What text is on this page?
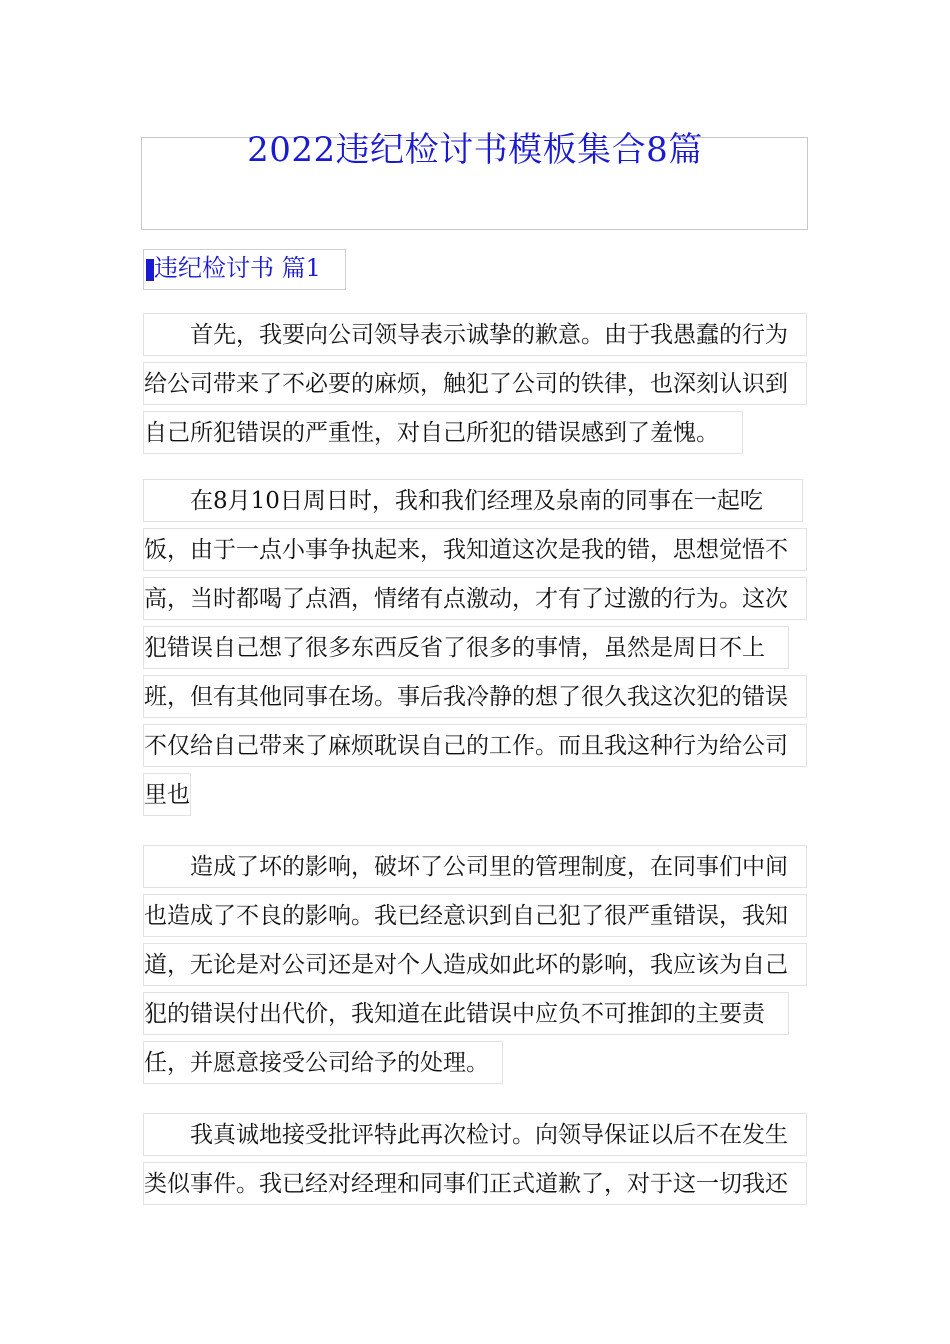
2022违纪检讨书模板集合8篇
违纪检讨书 篇1
　　首先，我要向公司领导表示诚挚的歉意。由于我愚蠢的行为
给公司带来了不必要的麻烦，触犯了公司的铁律，也深刻认识到
自己所犯错误的严重性，对自己所犯的错误感到了羞愧。
　　在8月10日周日时，我和我们经理及泉南的同事在一起吃
饭，由于一点小事争执起来，我知道这次是我的错，思想觉悟不
高，当时都喝了点酒，情绪有点激动，才有了过激的行为。这次
犯错误自己想了很多东西反省了很多的事情，虽然是周日不上
班，但有其他同事在场。事后我冷静的想了很久我这次犯的错误
不仅给自己带来了麻烦耽误自己的工作。而且我这种行为给公司
里也
　　造成了坏的影响，破坏了公司里的管理制度，在同事们中间
也造成了不良的影响。我已经意识到自己犯了很严重错误，我知
道，无论是对公司还是对个人造成如此坏的影响，我应该为自己
犯的错误付出代价，我知道在此错误中应负不可推卸的主要责
任，并愿意接受公司给予的处理。
　　我真诚地接受批评特此再次检讨。向领导保证以后不在发生
类似事件。我已经对经理和同事们正式道歉了，对于这一切我还
